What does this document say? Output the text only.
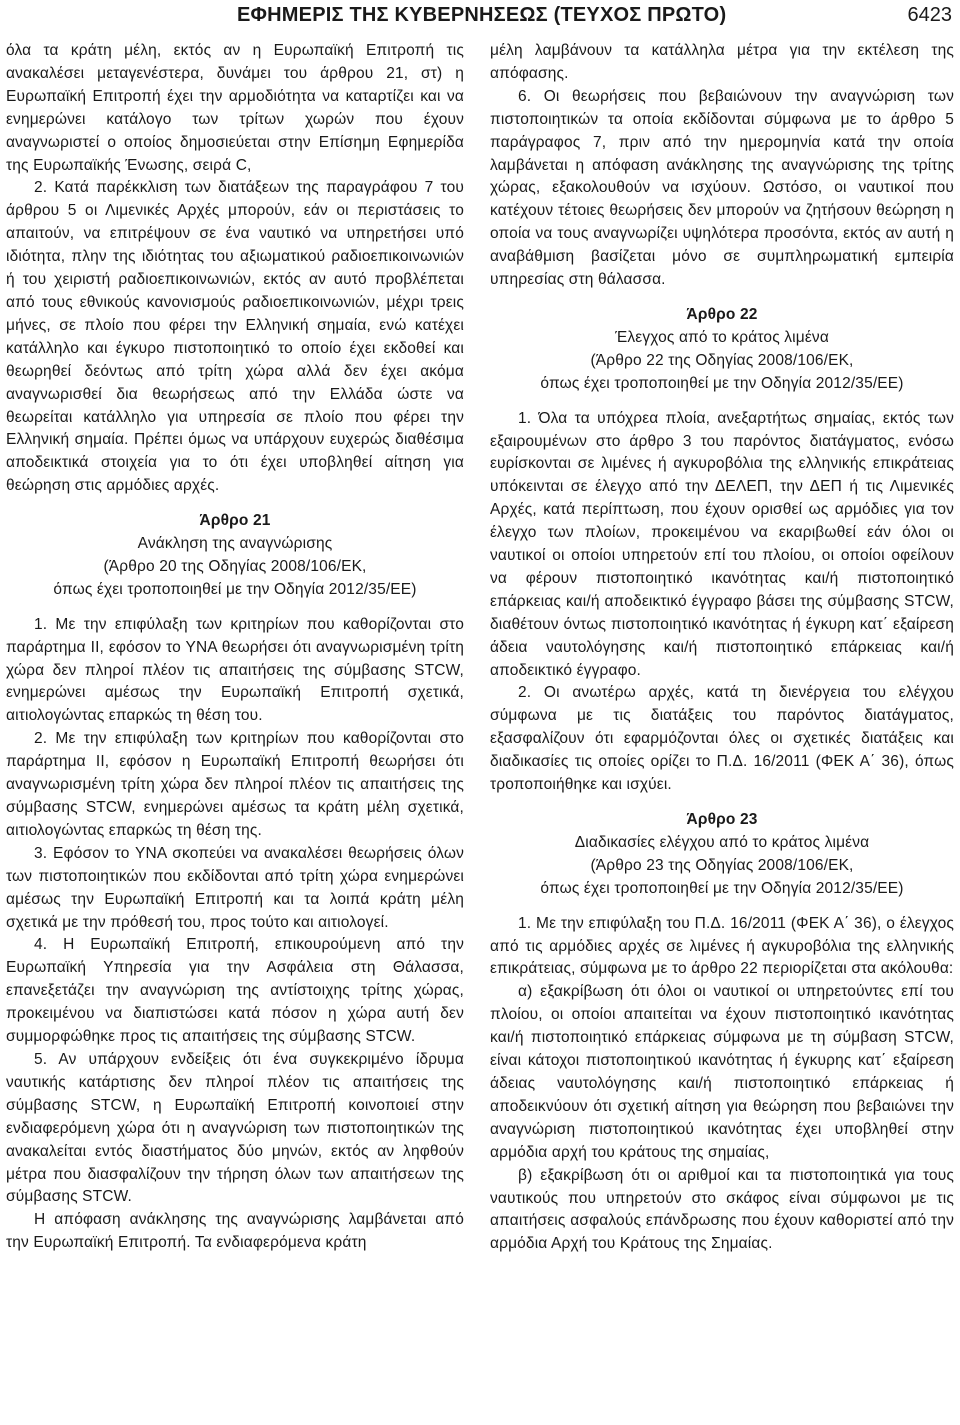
ΕΦΗΜΕΡΙΣ ΤΗΣ ΚΥΒΕΡΝΗΣΕΩΣ (ΤΕΥΧΟΣ ΠΡΩΤΟ)	6423

όλα τα κράτη μέλη, εκτός αν η Ευρωπαϊκή Επιτροπή τις ανακαλέσει μεταγενέστερα, δυνάμει του άρθρου 21, στ) η Ευρωπαϊκή Επιτροπή έχει την αρμοδιότητα να καταρτίζει και να ενημερώνει κατάλογο των τρίτων χωρών που έχουν αναγνωριστεί ο οποίος δημοσιεύεται στην Επίσημη Εφημερίδα της Ευρωπαϊκής Ένωσης, σειρά C,

2. Κατά παρέκκλιση των διατάξεων της παραγράφου 7 του άρθρου 5 οι Λιμενικές Αρχές μπορούν, εάν οι περιστάσεις το απαιτούν, να επιτρέψουν σε ένα ναυτικό να υπηρετήσει υπό ιδιότητα, πλην της ιδιότητας του αξιωματικού ραδιοεπικοινωνιών ή του χειριστή ραδιοεπικοινωνιών, εκτός αν αυτό προβλέπεται από τους εθνικούς κανονισμούς ραδιοεπικοινωνιών, μέχρι τρεις μήνες, σε πλοίο που φέρει την Ελληνική σημαία, ενώ κατέχει κατάλληλο και έγκυρο πιστοποιητικό το οποίο έχει εκδοθεί και θεωρηθεί δεόντως από τρίτη χώρα αλλά δεν έχει ακόμα αναγνωρισθεί δια θεωρήσεως από την Ελλάδα ώστε να θεωρείται κατάλληλο για υπηρεσία σε πλοίο που φέρει την Ελληνική σημαία. Πρέπει όμως να υπάρχουν ευχερώς διαθέσιμα αποδεικτικά στοιχεία για το ότι έχει υποβληθεί αίτηση για θεώρηση στις αρμόδιες αρχές.

Άρθρο 21

Ανάκληση της αναγνώρισης

(Άρθρο 20 της Οδηγίας 2008/106/ΕΚ,

όπως έχει τροποποιηθεί με την Οδηγία 2012/35/ΕΕ)

1. Με την επιφύλαξη των κριτηρίων που καθορίζονται στο παράρτημα ΙΙ, εφόσον το ΥΝΑ θεωρήσει ότι αναγνωρισμένη τρίτη χώρα δεν πληροί πλέον τις απαιτήσεις της σύμβασης STCW, ενημερώνει αμέσως την Ευρωπαϊκή Επιτροπή σχετικά, αιτιολογώντας επαρκώς τη θέση του.

2. Με την επιφύλαξη των κριτηρίων που καθορίζονται στο παράρτημα ΙΙ, εφόσον η Ευρωπαϊκή Επιτροπή θεωρήσει ότι αναγνωρισμένη τρίτη χώρα δεν πληροί πλέον τις απαιτήσεις της σύμβασης STCW, ενημερώνει αμέσως τα κράτη μέλη σχετικά, αιτιολογώντας επαρκώς τη θέση της.

3. Εφόσον το ΥΝΑ σκοπεύει να ανακαλέσει θεωρήσεις όλων των πιστοποιητικών που εκδίδονται από τρίτη χώρα ενημερώνει αμέσως την Ευρωπαϊκή Επιτροπή και τα λοιπά κράτη μέλη σχετικά με την πρόθεσή του, προς τούτο και αιτιολογεί.

4. Η Ευρωπαϊκή Επιτροπή, επικουρούμενη από την Ευρωπαϊκή Υπηρεσία για την Ασφάλεια στη Θάλασσα, επανεξετάζει την αναγνώριση της αντίστοιχης τρίτης χώρας, προκειμένου να διαπιστώσει κατά πόσον η χώρα αυτή δεν συμμορφώθηκε προς τις απαιτήσεις της σύμβασης STCW.

5. Αν υπάρχουν ενδείξεις ότι ένα συγκεκριμένο ίδρυμα ναυτικής κατάρτισης δεν πληροί πλέον τις απαιτήσεις της σύμβασης STCW, η Ευρωπαϊκή Επιτροπή κοινοποιεί στην ενδιαφερόμενη χώρα ότι η αναγνώριση των πιστοποιητικών της ανακαλείται εντός διαστήματος δύο μηνών, εκτός αν ληφθούν μέτρα που διασφαλίζουν την τήρηση όλων των απαιτήσεων της σύμβασης STCW.

Η απόφαση ανάκλησης της αναγνώρισης λαμβάνεται από την Ευρωπαϊκή Επιτροπή. Τα ενδιαφερόμενα κράτη

μέλη λαμβάνουν τα κατάλληλα μέτρα για την εκτέλεση της απόφασης.

6. Οι θεωρήσεις που βεβαιώνουν την αναγνώριση των πιστοποιητικών τα οποία εκδίδονται σύμφωνα με το άρθρο 5 παράγραφος 7, πριν από την ημερομηνία κατά την οποία λαμβάνεται η απόφαση ανάκλησης της αναγνώρισης της τρίτης χώρας, εξακολουθούν να ισχύουν. Ωστόσο, οι ναυτικοί που κατέχουν τέτοιες θεωρήσεις δεν μπορούν να ζητήσουν θεώρηση η οποία να τους αναγνωρίζει υψηλότερα προσόντα, εκτός αν αυτή η αναβάθμιση βασίζεται μόνο σε συμπληρωματική εμπειρία υπηρεσίας στη θάλασσα.

Άρθρο 22

Έλεγχος από το κράτος λιμένα

(Άρθρο 22 της Οδηγίας 2008/106/ΕΚ,

όπως έχει τροποποιηθεί με την Οδηγία 2012/35/ΕΕ)

1. Όλα τα υπόχρεα πλοία, ανεξαρτήτως σημαίας, εκτός των εξαιρουμένων στο άρθρο 3 του παρόντος διατάγματος, ενόσω ευρίσκονται σε λιμένες ή αγκυροβόλια της ελληνικής επικράτειας υπόκεινται σε έλεγχο από την ΔΕΛΕΠ, την ΔΕΠ ή τις Λιμενικές Αρχές, κατά περίπτωση, που έχουν ορισθεί ως αρμόδιες για τον έλεγχο των πλοίων, προκειμένου να εκαριβωθεί εάν όλοι οι ναυτικοί οι οποίοι υπηρετούν επί του πλοίου, οι οποίοι οφείλουν να φέρουν πιστοποιητικό ικανότητας και/ή πιστοποιητικό επάρκειας και/ή αποδεικτικό έγγραφο βάσει της σύμβασης STCW, διαθέτουν όντως πιστοποιητικό ικανότητας ή έγκυρη κατ΄ εξαίρεση άδεια ναυτολόγησης και/ή πιστοποιητικό επάρκειας και/ή αποδεικτικό έγγραφο.

2. Οι ανωτέρω αρχές, κατά τη διενέργεια του ελέγχου σύμφωνα με τις διατάξεις του παρόντος διατάγματος, εξασφαλίζουν ότι εφαρμόζονται όλες οι σχετικές διατάξεις και διαδικασίες τις οποίες ορίζει το Π.Δ. 16/2011 (ΦΕΚ Α΄ 36), όπως τροποποιήθηκε και ισχύει.

Άρθρο 23

Διαδικασίες ελέγχου από το κράτος λιμένα

(Άρθρο 23 της Οδηγίας 2008/106/ΕΚ,

όπως έχει τροποποιηθεί με την Οδηγία 2012/35/ΕΕ)

1. Με την επιφύλαξη του Π.Δ. 16/2011 (ΦΕΚ Α΄ 36), ο έλεγχος από τις αρμόδιες αρχές σε λιμένες ή αγκυροβόλια της ελληνικής επικράτειας, σύμφωνα με το άρθρο 22 περιορίζεται στα ακόλουθα:

α) εξακρίβωση ότι όλοι οι ναυτικοί οι υπηρετούντες επί του πλοίου, οι οποίοι απαιτείται να έχουν πιστοποιητικό ικανότητας και/ή πιστοποιητικό επάρκειας σύμφωνα με τη σύμβαση STCW, είναι κάτοχοι πιστοποιητικού ικανότητας ή έγκυρης κατ΄ εξαίρεση άδειας ναυτολόγησης και/ή πιστοποιητικό επάρκειας ή αποδεικνύουν ότι σχετική αίτηση για θεώρηση που βεβαιώνει την αναγνώριση πιστοποιητικού ικανότητας έχει υποβληθεί στην αρμόδια αρχή του κράτους της σημαίας,

β) εξακρίβωση ότι οι αριθμοί και τα πιστοποιητικά για τους ναυτικούς που υπηρετούν στο σκάφος είναι σύμφωνοι με τις απαιτήσεις ασφαλούς επάνδρωσης που έχουν καθοριστεί από την αρμόδια Αρχή του Κράτους της Σημαίας.
